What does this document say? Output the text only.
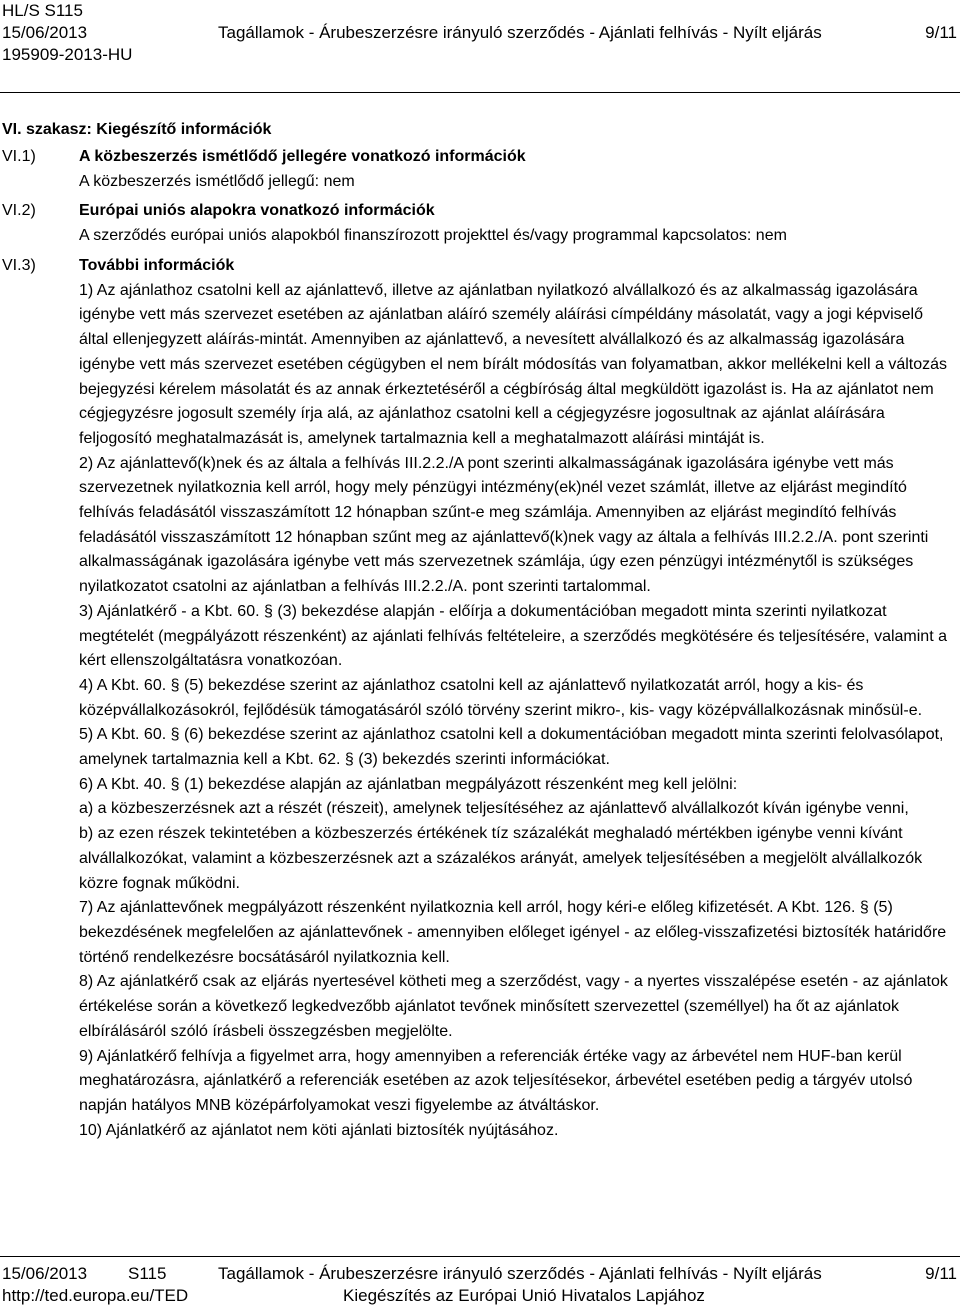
HL/S S115
15/06/2013	Tagállamok - Árubeszerzésre irányuló szerződés - Ajánlati felhívás - Nyílt eljárás	9/11
195909-2013-HU
VI. szakasz: Kiegészítő információk
VI.1)	A közbeszerzés ismétlődő jellegére vonatkozó információk

A közbeszerzés ismétlődő jellegű: nem

VI.2)	Európai uniós alapokra vonatkozó információk

A szerződés európai uniós alapokból finanszírozott projekttel és/vagy programmal kapcsolatos: nem

VI.3)	További információk

1) Az ajánlathoz csatolni kell az ajánlattevő, illetve az ajánlatban nyilatkozó alvállalkozó és az alkalmasság igazolására igénybe vett más szervezet esetében az ajánlatban aláíró személy aláírási címpéldány másolatát, vagy a jogi képviselő által ellenjegyzett aláírás-mintát. Amennyiben az ajánlattevő, a nevesített alvállalkozó és az alkalmasság igazolására igénybe vett más szervezet esetében cégügyben el nem bírált módosítás van folyamatban, akkor mellékelni kell a változás bejegyzési kérelem másolatát és az annak érkeztetéséről a cégbíróság által megküldött igazolást is. Ha az ajánlatot nem cégjegyzésre jogosult személy írja alá, az ajánlathoz csatolni kell a cégjegyzésre jogosultnak az ajánlat aláírására feljogosító meghatalmazását is, amelynek tartalmaznia kell a meghatalmazott aláírási mintáját is.

2) Az ajánlattevő(k)nek és az általa a felhívás III.2.2./A pont szerinti alkalmasságának igazolására igénybe vett más szervezetnek nyilatkoznia kell arról, hogy mely pénzügyi intézmény(ek)nél vezet számlát, illetve az eljárást megindító felhívás feladásától visszaszámított 12 hónapban szűnt-e meg számlája. Amennyiben az eljárást megindító felhívás feladásától visszaszámított 12 hónapban szűnt meg az ajánlattevő(k)nek vagy az általa a felhívás III.2.2./A. pont szerinti alkalmasságának igazolására igénybe vett más szervezetnek számlája, úgy ezen pénzügyi intézménytől is szükséges nyilatkozatot csatolni az ajánlatban a felhívás III.2.2./A. pont szerinti tartalommal.

3) Ajánlatkérő - a Kbt. 60. § (3) bekezdése alapján - előírja a dokumentációban megadott minta szerinti nyilatkozat megtételét (megpályázott részenként) az ajánlati felhívás feltételeire, a szerződés megkötésére és teljesítésére, valamint a kért ellenszolgáltatásra vonatkozóan.

4) A Kbt. 60. § (5) bekezdése szerint az ajánlathoz csatolni kell az ajánlattevő nyilatkozatát arról, hogy a kis- és középvállalkozásokról, fejlődésük támogatásáról szóló törvény szerint mikro-, kis- vagy középvállalkozásnak minősül-e.

5) A Kbt. 60. § (6) bekezdése szerint az ajánlathoz csatolni kell a dokumentációban megadott minta szerinti felolvasólapot, amelynek tartalmaznia kell a Kbt. 62. § (3) bekezdés szerinti információkat.

6) A Kbt. 40. § (1) bekezdése alapján az ajánlatban megpályázott részenként meg kell jelölni:

a) a közbeszerzésnek azt a részét (részeit), amelynek teljesítéséhez az ajánlattevő alvállalkozót kíván igénybe venni,

b) az ezen részek tekintetében a közbeszerzés értékének tíz százalékát meghaladó mértékben igénybe venni kívánt alvállalkozókat, valamint a közbeszerzésnek azt a százalékos arányát, amelyek teljesítésében a megjelölt alvállalkozók közre fognak működni.

7) Az ajánlattevőnek megpályázott részenként nyilatkoznia kell arról, hogy kéri-e előleg kifizetését. A Kbt. 126. § (5) bekezdésének megfelelően az ajánlattevőnek - amennyiben előleget igényel - az előleg-visszafizetési biztosíték határidőre történő rendelkezésre bocsátásáról nyilatkoznia kell.

8) Az ajánlatkérő csak az eljárás nyertesével kötheti meg a szerződést, vagy - a nyertes visszalépése esetén - az ajánlatok értékelése során a következő legkedvezőbb ajánlatot tevőnek minősített szervezettel (személlyel) ha őt az ajánlatok elbírálásáról szóló írásbeli összegzésben megjelölte.

9) Ajánlatkérő felhívja a figyelmet arra, hogy amennyiben a referenciák értéke vagy az árbevétel nem HUF-ban kerül meghatározásra, ajánlatkérő a referenciák esetében az azok teljesítésekor, árbevétel esetében pedig a tárgyév utolsó napján hatályos MNB középárfolyamokat veszi figyelembe az átváltáskor.

10) Ajánlatkérő az ajánlatot nem köti ajánlati biztosíték nyújtásához.

15/06/2013 S115	Tagállamok - Árubeszerzésre irányuló szerződés - Ajánlati felhívás - Nyílt eljárás	9/11
http://ted.europa.eu/TED	Kiegészítés az Európai Unió Hivatalos Lapjához
